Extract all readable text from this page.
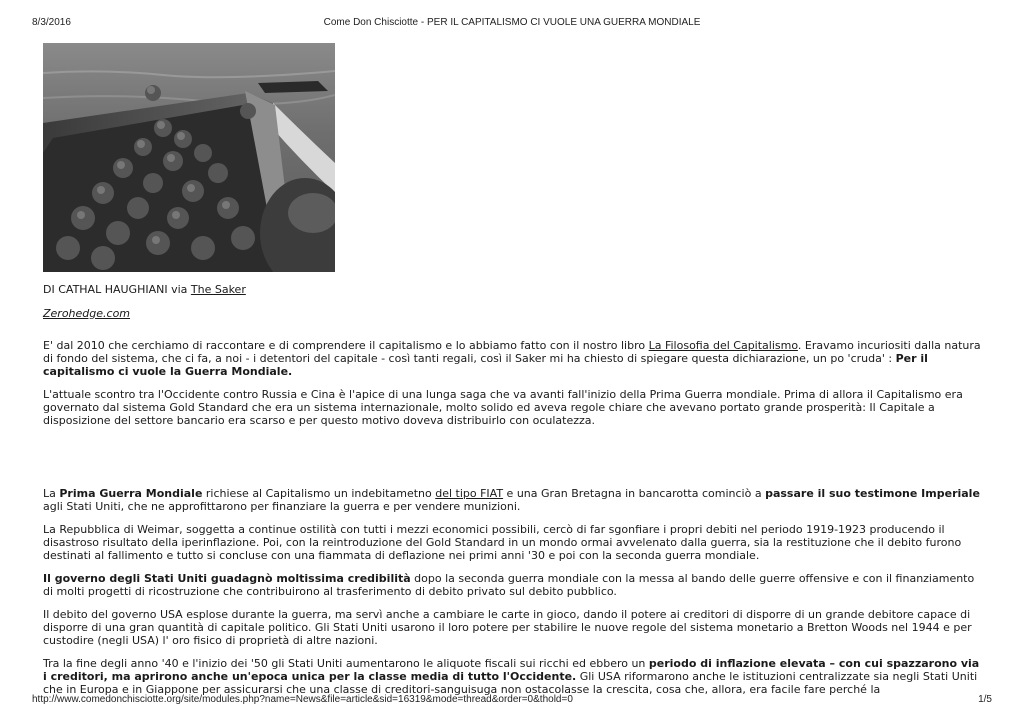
8/3/2016	Come Don Chisciotte - PER IL CAPITALISMO CI VUOLE UNA GUERRA MONDIALE
DI CATHAL HAUGHIANI via The Saker
Zerohedge.com

E' dal 2010 che cerchiamo di raccontare e di comprendere il capitalismo e lo abbiamo fatto con il nostro libro La Filosofia del Capitalismo. Eravamo incuriositi dalla natura di fondo del sistema, che ci fa, a noi - i detentori del capitale - così tanti regali, così il Saker mi ha chiesto di spiegare questa dichiarazione, un po 'cruda' : Per il capitalismo ci vuole la Guerra Mondiale.

L'attuale scontro tra l'Occidente contro Russia e Cina è l'apice di una lunga saga che va avanti fall'inizio della Prima Guerra mondiale. Prima di allora il Capitalismo era governato dal sistema Gold Standard che era un sistema internazionale, molto solido ed aveva regole chiare che avevano portato grande prosperità: Il Capitale a disposizione del settore bancario era scarso e per questo motivo doveva distribuirlo con oculatezza.

La Prima Guerra Mondiale richiese al Capitalismo un indebitametno del tipo FIAT e una Gran Bretagna in bancarotta cominciò a passare il suo testimone Imperiale agli Stati Uniti, che ne approfittarono per finanziare la guerra e per vendere munizioni.

La Repubblica di Weimar, soggetta a continue ostilità con tutti i mezzi economici possibili, cercò di far sgonfiare i propri debiti nel periodo 1919-1923 producendo il disastroso risultato della iperinflazione. Poi, con la reintroduzione del Gold Standard in un mondo ormai avvelenato dalla guerra, sia la restituzione che il debito furono destinati al fallimento e tutto si concluse con una fiammata di deflazione nei primi anni '30 e poi con la seconda guerra mondiale.

Il governo degli Stati Uniti guadagnò moltissima credibilità dopo la seconda guerra mondiale con la messa al bando delle guerre offensive e con il finanziamento di molti progetti di ricostruzione che contribuirono al trasferimento di debito privato sul debito pubblico.

Il debito del governo USA esplose durante la guerra, ma servì anche a cambiare le carte in gioco, dando il potere ai creditori di disporre di un grande debitore capace di disporre di una gran quantità di capitale politico. Gli Stati Uniti usarono il loro potere per stabilire le nuove regole del sistema monetario a Bretton Woods nel 1944 e per custodire (negli USA) l' oro fisico di proprietà di altre nazioni.

Tra la fine degli anno '40 e l'inizio dei '50 gli Stati Uniti aumentarono le aliquote fiscali sui ricchi ed ebbero un periodo di inflazione elevata – con cui spazzarono via i creditori, ma aprirono anche un'epoca unica per la classe media di tutto l'Occidente. Gli USA riformarono anche le istituzioni centralizzate sia negli Stati Uniti che in Europa e in Giappone per assicurarsi che una classe di creditori-sanguisuga non ostacolasse la crescita, cosa che, allora, era facile fare perché la

http://www.comedonchisciotte.org/site/modules.php?name=News&file=article&sid=16319&mode=thread&order=0&thold=0	1/5
